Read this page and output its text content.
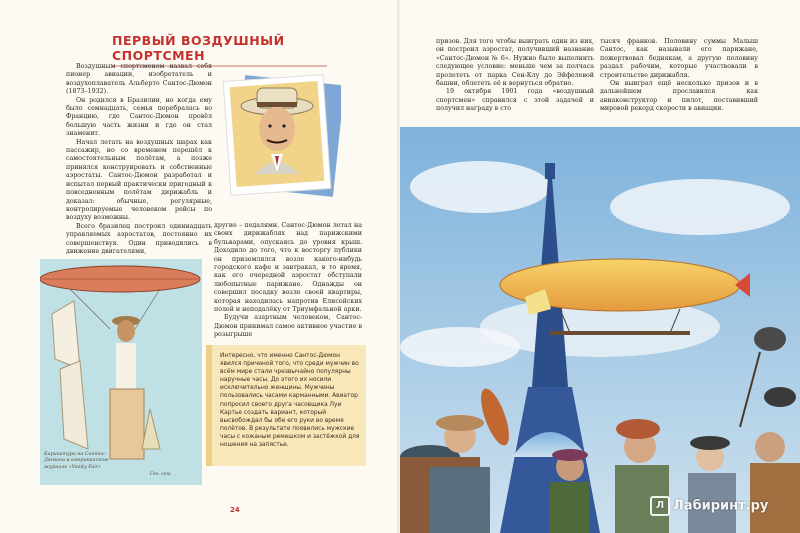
ПЕРВЫЙ ВОЗДУШНЫЙ СПОРТСМЕН

Воздушным спортсменом назвал себя пионер авиации, изобретатель и воздухоплаватель Альберто Сантос-Дюмон (1873–1932).

Он родился в Бразилии, но когда ему было семнадцать, семья перебралась во Францию, где Сантос-Дюмон провёл большую часть жизни и где он стал знаменит.

Начал летать на воздушных шарах как пассажир, но со временем перешёл к самостоятельным полётам, а позже принялся конструировать и собственные аэростаты. Сантос-Дюмон разработал и испытал первый практически пригодный к повседневным полётам дирижабль и доказал: обычные, регулярные, контролируемые человеком рейсы по воздуху возможны.

Всего бразилец построил одиннадцать управляемых аэростатов, постоянно их совершенствуя. Один приводились в движение двигателями,

другие – педалями. Сантос-Дюмон летал на своих дирижаблях над парижскими бульварами, опускаясь до уровня крыш. Доходило до того, что к восторгу публики он приземлялся возле какого-нибудь городского кафе и завтракал, в то время, как его очередной аэростат обступали любопытные парижане. Однажды он совершил посадку возле своей квартиры, которая находилась напротив Елисейских полей и неподалёку от Триумфальной арки.

Будучи азартным человеком, Сантос-Дюмон принимал самое активное участие в розыгрыше

Карикатура на Сантос-Дюмона в американском журнале «Vanity Fair»
Гео. сем.
Интересно, что именно Сантос-Дюмон явился причиной того, что среди мужчин во всём мире стали чрезвычайно популярны наручные часы. До этого их носили исключительно женщины. Мужчины пользовались часами карманными. Авиатор попросил своего друга часовщика Луи Картье создать вариант, который высвобождал бы обе его руки во время полётов. В результате появились мужские часы с кожаным ремешком и застёжкой для ношения на запястье.
24

призов. Для того чтобы выиграть один из них, он построил аэростат, получивший название «Сантос-Дюмон № 6». Нужно было выполнить следующее условие: меньше чем за полчаса пролететь от парка Сен-Клу до Эйфелевой башни, облететь её и вернуться обратно.

19 октября 1901 года «воздушный спортсмен» справился с этой задачей и получил награду в сто

тысяч франков. Половину суммы Малыш Сантос, как называли его парижане, пожертвовал беднякам, а другую половину раздал рабочим, которые участвовали в строительстве дирижабля.

Он выиграл ещё несколько призов и в дальнейшем прославился как авиаконструктор и пилот, поставивший мировой рекорд скорости в авиации.

Л Лабиринт.ру
